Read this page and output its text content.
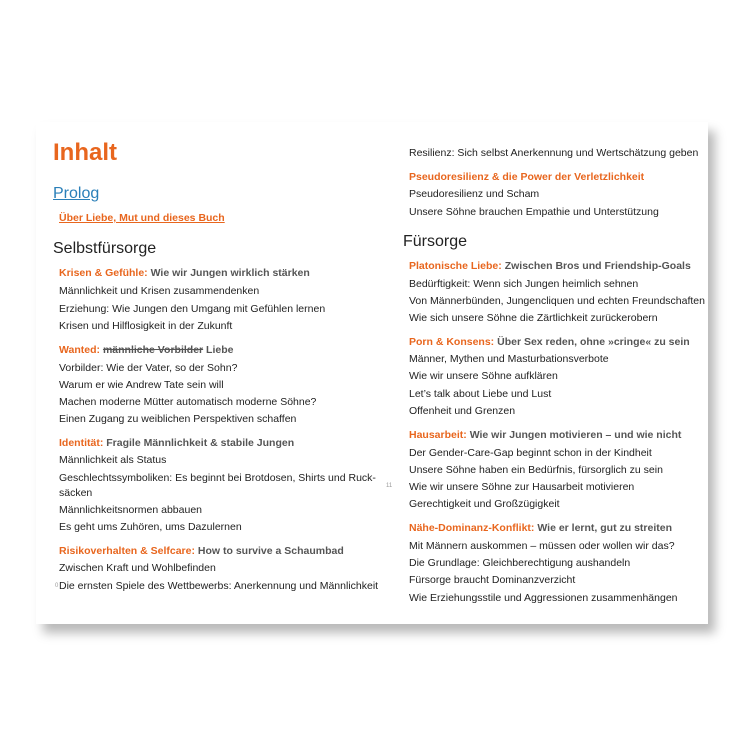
Inhalt
Prolog
Über Liebe, Mut und dieses Buch
Selbstfürsorge
Krisen & Gefühle: Wie wir Jungen wirklich stärken
Männlichkeit und Krisen zusammendenken
Erziehung: Wie Jungen den Umgang mit Gefühlen lernen
Krisen und Hilflosigkeit in der Zukunft
Wanted: männliche Vorbilder Liebe
Vorbilder: Wie der Vater, so der Sohn?
Warum er wie Andrew Tate sein will
Machen moderne Mütter automatisch moderne Söhne?
Einen Zugang zu weiblichen Perspektiven schaffen
Identität: Fragile Männlichkeit & stabile Jungen
Männlichkeit als Status
Geschlechtssymboliken: Es beginnt bei Brotdosen, Shirts und Ruck-
säcken
Männlichkeitsnormen abbauen
Es geht ums Zuhören, ums Dazulernen
Risikoverhalten & Selfcare: How to survive a Schaumbad
Zwischen Kraft und Wohlbefinden
Die ernsten Spiele des Wettbewerbs: Anerkennung und Männlichkeit
0
Resilienz: Sich selbst Anerkennung und Wertschätzung geben
Pseudoresilienz & die Power der Verletzlichkeit
Pseudoresilienz und Scham
Unsere Söhne brauchen Empathie und Unterstützung
Fürsorge
Platonische Liebe: Zwischen Bros und Friendship-Goals
Bedürftigkeit: Wenn sich Jungen heimlich sehnen
Von Männerbünden, Jungencliquen und echten Freundschaften
Wie sich unsere Söhne die Zärtlichkeit zurückerobern
Porn & Konsens: Über Sex reden, ohne »cringe« zu sein
Männer, Mythen und Masturbationsverbote
Wie wir unsere Söhne aufklären
Let’s talk about Liebe und Lust
Offenheit und Grenzen
Hausarbeit: Wie wir Jungen motivieren – und wie nicht
Der Gender-Care-Gap beginnt schon in der Kindheit
Unsere Söhne haben ein Bedürfnis, fürsorglich zu sein
Wie wir unsere Söhne zur Hausarbeit motivieren
Gerechtigkeit und Großzügigkeit
Nähe-Dominanz-Konflikt: Wie er lernt, gut zu streiten
Mit Männern auskommen – müssen oder wollen wir das?
Die Grundlage: Gleichberechtigung aushandeln
Fürsorge braucht Dominanzverzicht
Wie Erziehungsstile und Aggressionen zusammenhängen
11
